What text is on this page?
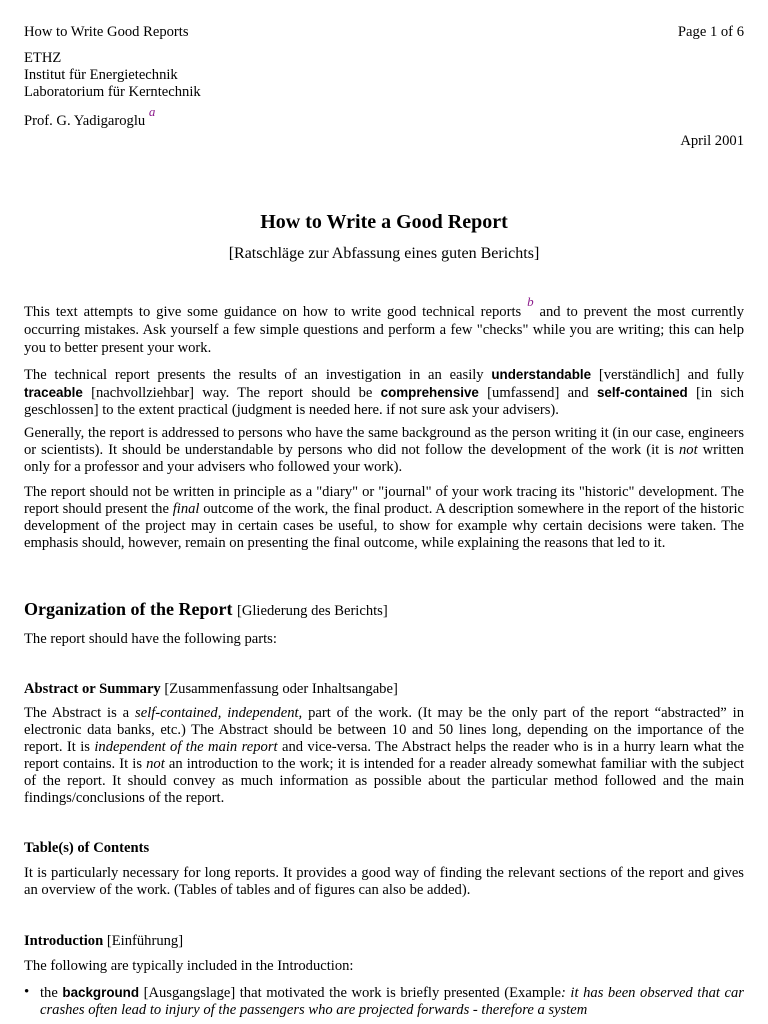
How to Write Good Reports	Page 1 of 6
ETHZ
Institut für Energietechnik
Laboratorium für Kerntechnik
Prof. G. Yadigaroglu $^a$
April 2001
How to Write a Good Report
[Ratschläge zur Abfassung eines guten Berichts]
This text attempts to give some guidance on how to write good technical reports $^b$ and to prevent the most currently occurring mistakes. Ask yourself a few simple questions and perform a few "checks" while you are writing; this can help you to better present your work.
The technical report presents the results of an investigation in an easily understandable [verständlich] and fully traceable [nachvollziehbar] way. The report should be comprehensive [umfassend] and self-contained [in sich geschlossen] to the extent practical (judgment is needed here. if not sure ask your advisers).
Generally, the report is addressed to persons who have the same background as the person writing it (in our case, engineers or scientists). It should be understandable by persons who did not follow the development of the work (it is not written only for a professor and your advisers who followed your work).
The report should not be written in principle as a "diary" or "journal" of your work tracing its "historic" development. The report should present the final outcome of the work, the final product. A description somewhere in the report of the historic development of the project may in certain cases be useful, to show for example why certain decisions were taken. The emphasis should, however, remain on presenting the final outcome, while explaining the reasons that led to it.
Organization of the Report [Gliederung des Berichts]
The report should have the following parts:
Abstract or Summary [Zusammenfassung oder Inhaltsangabe]
The Abstract is a self-contained, independent, part of the work. (It may be the only part of the report “abstracted” in electronic data banks, etc.) The Abstract should be between 10 and 50 lines long, depending on the importance of the report. It is independent of the main report and vice-versa. The Abstract helps the reader who is in a hurry learn what the report contains. It is not an introduction to the work; it is intended for a reader already somewhat familiar with the subject of the report. It should convey as much information as possible about the particular method followed and the main findings/conclusions of the report.
Table(s) of Contents
It is particularly necessary for long reports. It provides a good way of finding the relevant sections of the report and gives an overview of the work. (Tables of tables and of figures can also be added).
Introduction [Einführung]
The following are typically included in the Introduction:
• the background [Ausgangslage] that motivated the work is briefly presented (Example: it has been observed that car crashes often lead to injury of the passengers who are projected forwards - therefore a system
